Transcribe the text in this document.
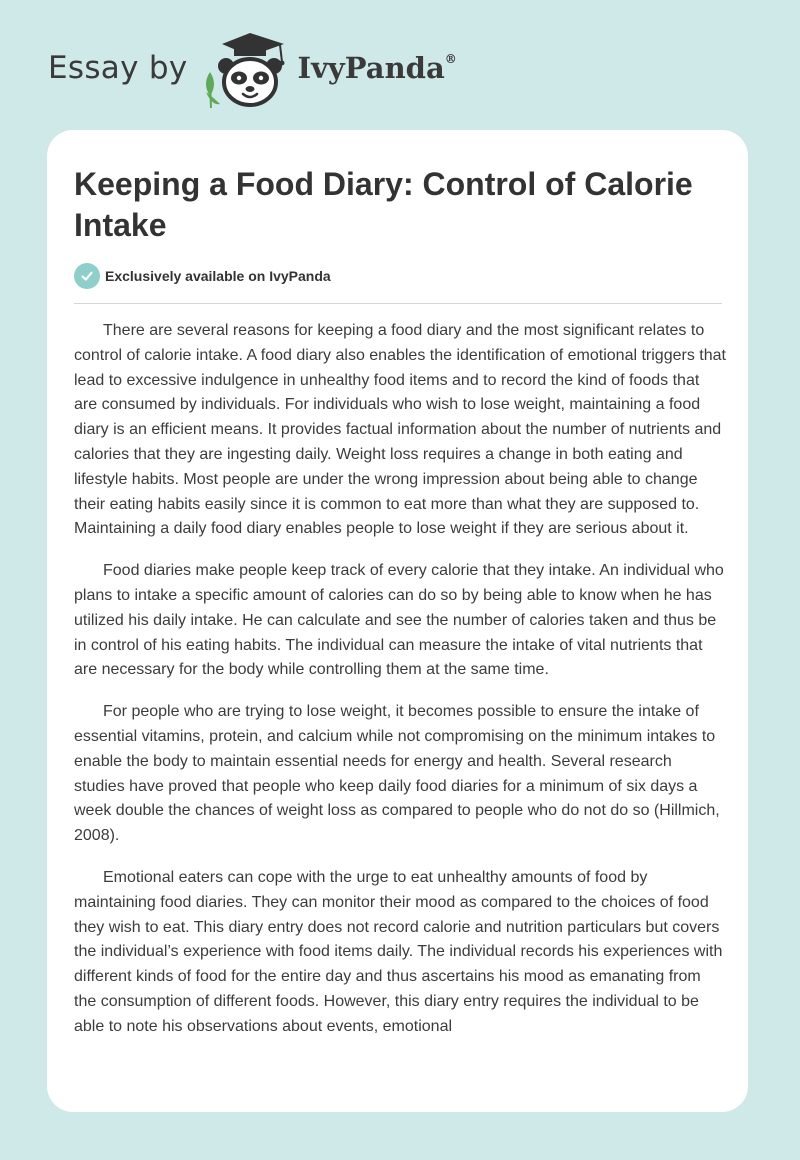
Essay by	IvyPanda®
Keeping a Food Diary: Control of Calorie Intake
Exclusively available on IvyPanda

There are several reasons for keeping a food diary and the most significant relates to control of calorie intake. A food diary also enables the identification of emotional triggers that lead to excessive indulgence in unhealthy food items and to record the kind of foods that are consumed by individuals. For individuals who wish to lose weight, maintaining a food diary is an efficient means. It provides factual information about the number of nutrients and calories that they are ingesting daily. Weight loss requires a change in both eating and lifestyle habits. Most people are under the wrong impression about being able to change their eating habits easily since it is common to eat more than what they are supposed to. Maintaining a daily food diary enables people to lose weight if they are serious about it.

Food diaries make people keep track of every calorie that they intake. An individual who plans to intake a specific amount of calories can do so by being able to know when he has utilized his daily intake. He can calculate and see the number of calories taken and thus be in control of his eating habits. The individual can measure the intake of vital nutrients that are necessary for the body while controlling them at the same time.

For people who are trying to lose weight, it becomes possible to ensure the intake of essential vitamins, protein, and calcium while not compromising on the minimum intakes to enable the body to maintain essential needs for energy and health. Several research studies have proved that people who keep daily food diaries for a minimum of six days a week double the chances of weight loss as compared to people who do not do so (Hillmich, 2008).

Emotional eaters can cope with the urge to eat unhealthy amounts of food by maintaining food diaries. They can monitor their mood as compared to the choices of food they wish to eat. This diary entry does not record calorie and nutrition particulars but covers the individual’s experience with food items daily. The individual records his experiences with different kinds of food for the entire day and thus ascertains his mood as emanating from the consumption of different foods. However, this diary entry requires the individual to be able to note his observations about events, emotional
